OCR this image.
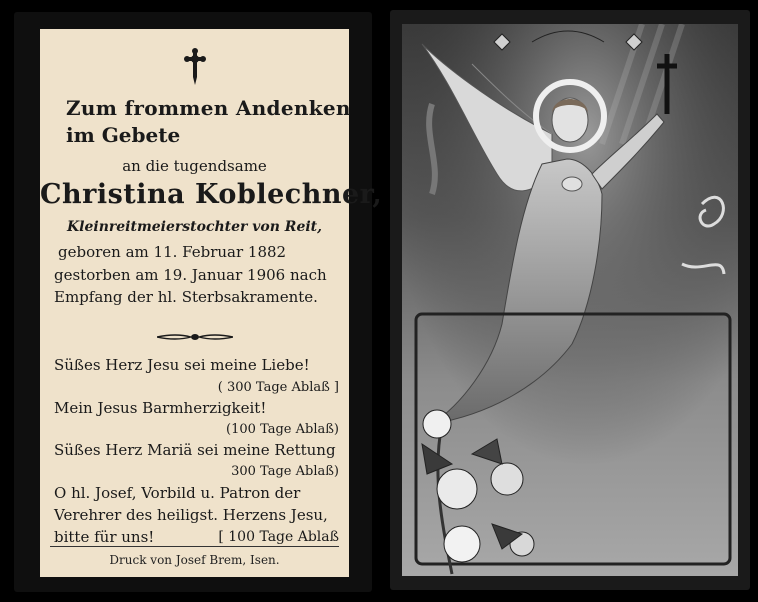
Zum frommen Andenken
im Gebete
an die tugendsame
Christina Koblechner,
Kleinreitmeierstochter von Reit,
geboren am 11. Februar 1882
gestorben am 19. Januar 1906 nach
Empfang der hl. Sterbsakramente.
Süßes Herz Jesu sei meine Liebe!
( 300 Tage Ablaß ]
Mein Jesus Barmherzigkeit!
(100 Tage Ablaß)
Süßes Herz Mariä sei meine Rettung
300 Tage Ablaß)
O hl. Josef, Vorbild u. Patron der
Verehrer des heiligst. Herzens Jesu,
bitte für uns!	[ 100 Tage Ablaß
Druck von Josef Brem, Isen.
